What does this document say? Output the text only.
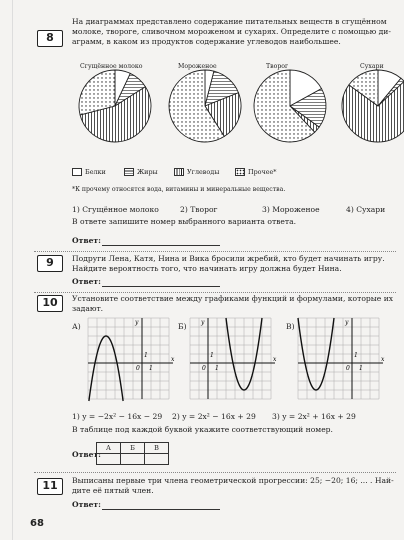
8
На диаграммах представлено содержание питательных веществ в сгущённом
молоке, твороге, сливочном мороженом и сухарях. Определите с помощью ди-
аграмм, в каком из продуктов содержание углеводов наибольшее.
Сгущённое молоко	Мороженое	Творог	Сухари
Белки	Жиры	Углеводы	Прочее*
*К прочему относятся вода, витамины и минеральные вещества.
1) Сгущённое молоко	2) Творог	3) Мороженое	4) Сухари
В ответе запишите номер выбранного варианта ответа.
Ответ:
9	Подруги Лена, Катя, Нина и Вика бросили жребий, кто будет начинать игру.
Найдите вероятность того, что начинать игру должна будет Нина.
Ответ:
10	Установите соответствие между графиками функций и формулами, которые их
задают.
А)	Б)	В)
y
x
1
0 1
y
x
1
0 1
y
x
1
0 1
1) y = −2x² − 16x − 29 2) y = 2x² − 16x + 29 3) y = 2x² + 16x + 29
В таблице под каждой буквой укажите соответствующий номер.
Ответ:
А	Б	В

11	Выписаны первые три члена геометрической прогрессии: 25; −20; 16; ... . Най-
дите её пятый член.
Ответ:
68
